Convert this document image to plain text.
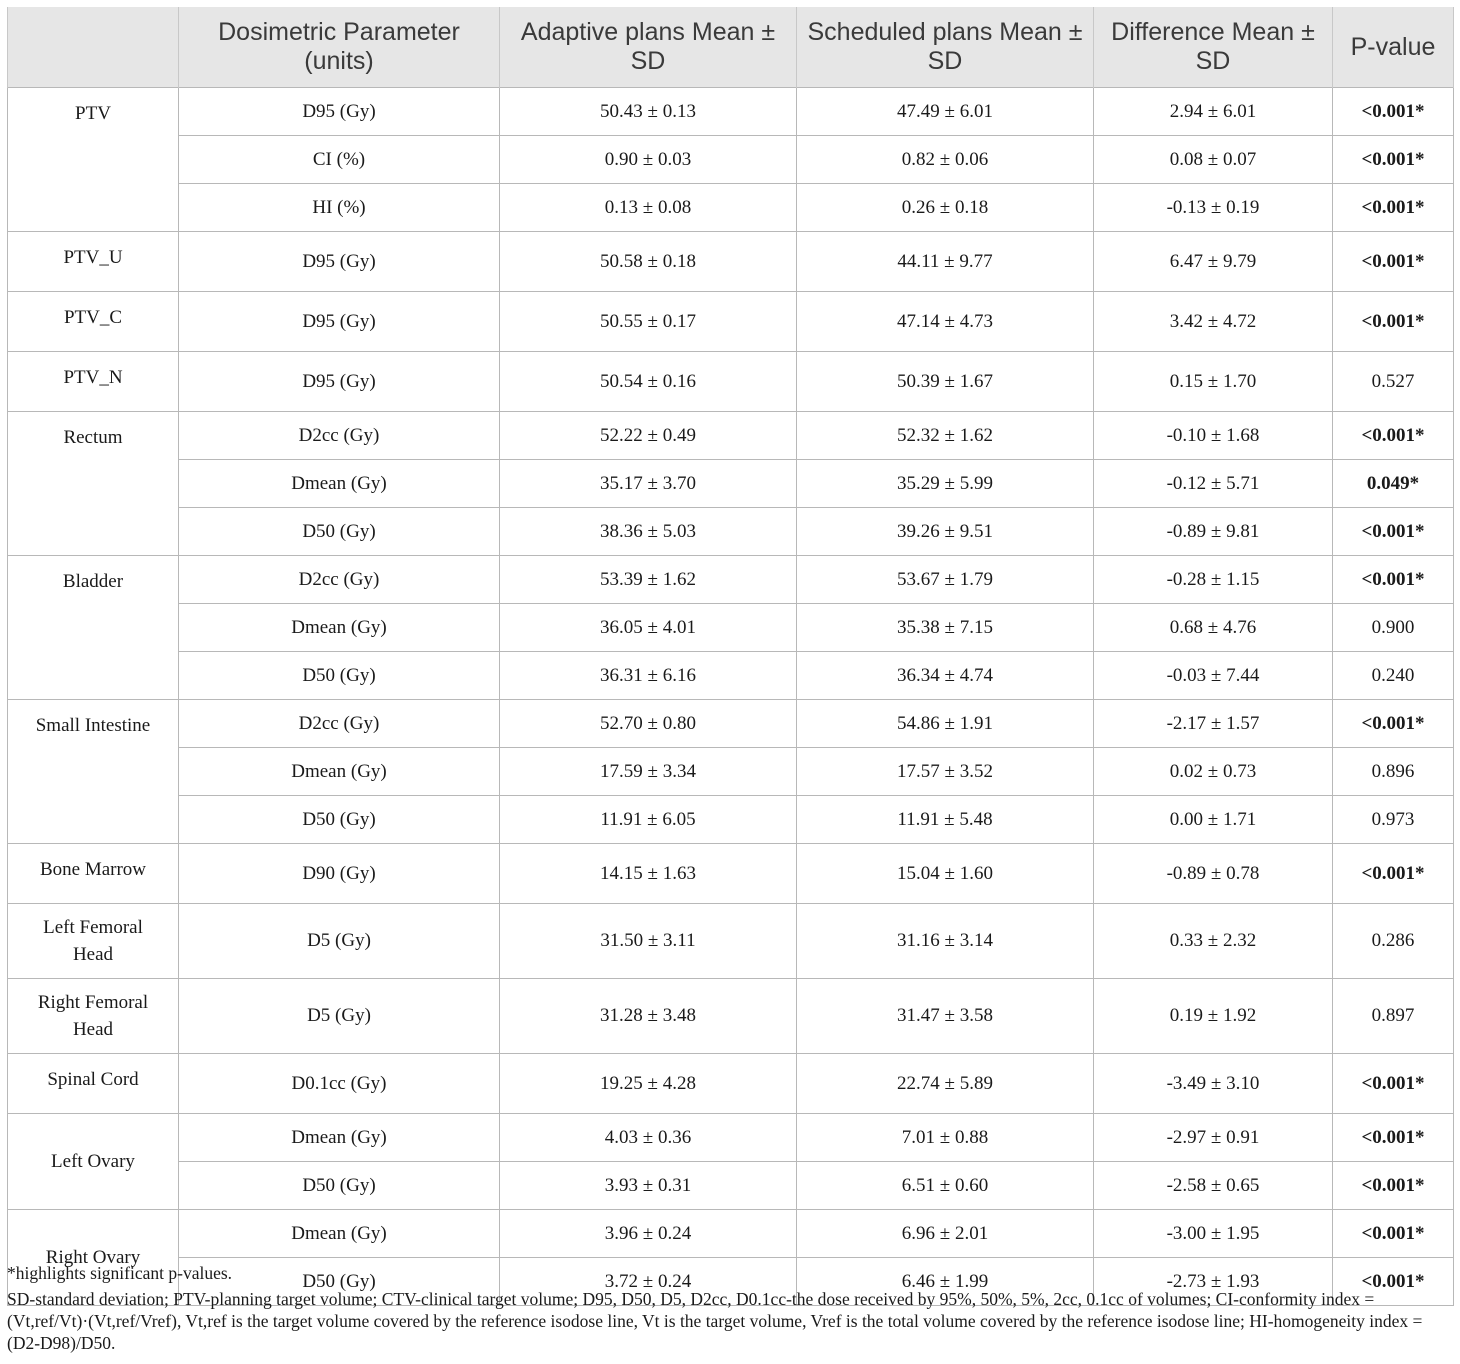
	Dosimetric Parameter (units)	Adaptive plans Mean ± SD	Scheduled plans Mean ± SD	Difference Mean ± SD	P-value
PTV	D95 (Gy)	50.43 ± 0.13	47.49 ± 6.01	2.94 ± 6.01	<0.001*
	CI (%)	0.90 ± 0.03	0.82 ± 0.06	0.08 ± 0.07	<0.001*
	HI (%)	0.13 ± 0.08	0.26 ± 0.18	-0.13 ± 0.19	<0.001*
PTV_U	D95 (Gy)	50.58 ± 0.18	44.11 ± 9.77	6.47 ± 9.79	<0.001*
PTV_C	D95 (Gy)	50.55 ± 0.17	47.14 ± 4.73	3.42 ± 4.72	<0.001*
PTV_N	D95 (Gy)	50.54 ± 0.16	50.39 ± 1.67	0.15 ± 1.70	0.527
Rectum	D2cc (Gy)	52.22 ± 0.49	52.32 ± 1.62	-0.10 ± 1.68	<0.001*
	Dmean (Gy)	35.17 ± 3.70	35.29 ± 5.99	-0.12 ± 5.71	0.049*
	D50 (Gy)	38.36 ± 5.03	39.26 ± 9.51	-0.89 ± 9.81	<0.001*
Bladder	D2cc (Gy)	53.39 ± 1.62	53.67 ± 1.79	-0.28 ± 1.15	<0.001*
	Dmean (Gy)	36.05 ± 4.01	35.38 ± 7.15	0.68 ± 4.76	0.900
	D50 (Gy)	36.31 ± 6.16	36.34 ± 4.74	-0.03 ± 7.44	0.240
Small Intestine	D2cc (Gy)	52.70 ± 0.80	54.86 ± 1.91	-2.17 ± 1.57	<0.001*
	Dmean (Gy)	17.59 ± 3.34	17.57 ± 3.52	0.02 ± 0.73	0.896
	D50 (Gy)	11.91 ± 6.05	11.91 ± 5.48	0.00 ± 1.71	0.973
Bone Marrow	D90 (Gy)	14.15 ± 1.63	15.04 ± 1.60	-0.89 ± 0.78	<0.001*
Left Femoral Head	D5 (Gy)	31.50 ± 3.11	31.16 ± 3.14	0.33 ± 2.32	0.286
Right Femoral Head	D5 (Gy)	31.28 ± 3.48	31.47 ± 3.58	0.19 ± 1.92	0.897
Spinal Cord	D0.1cc (Gy)	19.25 ± 4.28	22.74 ± 5.89	-3.49 ± 3.10	<0.001*
Left Ovary	Dmean (Gy)	4.03 ± 0.36	7.01 ± 0.88	-2.97 ± 0.91	<0.001*
	D50 (Gy)	3.93 ± 0.31	6.51 ± 0.60	-2.58 ± 0.65	<0.001*
Right Ovary	Dmean (Gy)	3.96 ± 0.24	6.96 ± 2.01	-3.00 ± 1.95	<0.001*
	D50 (Gy)	3.72 ± 0.24	6.46 ± 1.99	-2.73 ± 1.93	<0.001*

*highlights significant p-values.

SD-standard deviation; PTV-planning target volume; CTV-clinical target volume; D95, D50, D5, D2cc, D0.1cc-the dose received by 95%, 50%, 5%, 2cc, 0.1cc of volumes; CI-conformity index = (Vt,ref/Vt)·(Vt,ref/Vref), Vt,ref is the target volume covered by the reference isodose line, Vt is the target volume, Vref is the total volume covered by the reference isodose line; HI-homogeneity index = (D2-D98)/D50.
